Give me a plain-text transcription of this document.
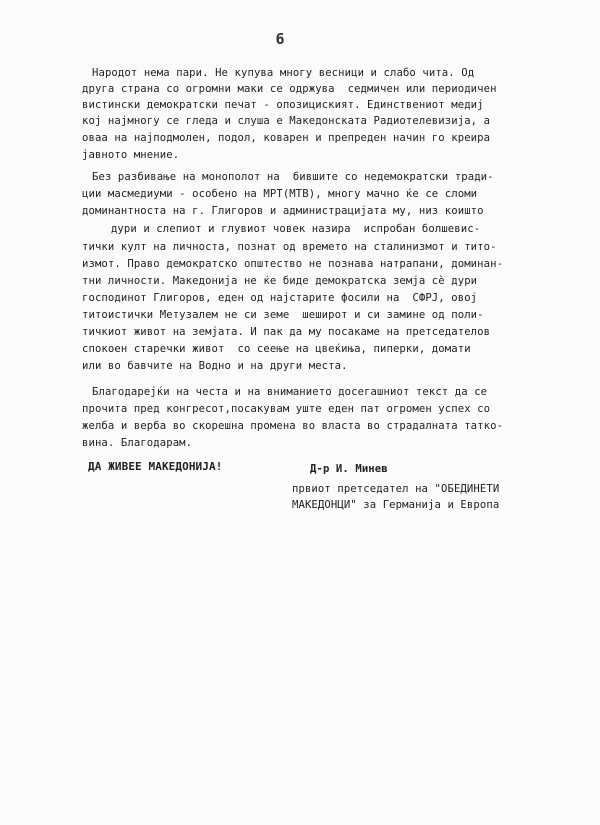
6
Народот нема пари. Не купува многу весници и слабо чита. Од
друга страна со огромни маки се одржува  седмичен или периодичен
вистински демократски печат - опозициският. Единствениот медиј
кој најмногу се гледа и слуша е Македонската Радиотелевизија, а
оваа на најподмолен, подол, коварен и препреден начин го креира
јавното мнение.
Без разбивање на монополот на  бившите со недемократски тради-
ции масмедиуми - особено на МРТ(МТВ), многу мачно ќе се сломи
доминантноста на г. Глигоров и администрацијата му, низ коишто
дури и слепиот и глувиот човек назира  испробан болшевис-
тички култ на личноста, познат од времето на сталинизмот и тито-
измот. Право демократско општество не познава натрапани, доминан-
тни личности. Македонија не ќе биде демократска земја сè дури
господинот Глигоров, еден од најстарите фосили на  СФРЈ, овој
титоистички Метузалем не си земе  шеширот и си замине од поли-
тичкиот живот на земјата. И пак да му посакаме на претседателов
спокоен старечки живот  со сеење на цвеќиња, пиперки, домати
или во бавчите на Водно и на други места.
Благодарејќи на честа и на вниманието досегашниот текст да се
прочита пред конгресот,посакувам уште еден пат огромен успех со
желба и верба во скорешна промена во власта во страдалната татко-
вина. Благодарам.
ДА ЖИВЕЕ МАКЕДОНИЈА!	Д-р И. Минев
првиот претседател на "ОБЕДИНЕТИ
МАКЕДОНЦИ" за Германија и Европа
